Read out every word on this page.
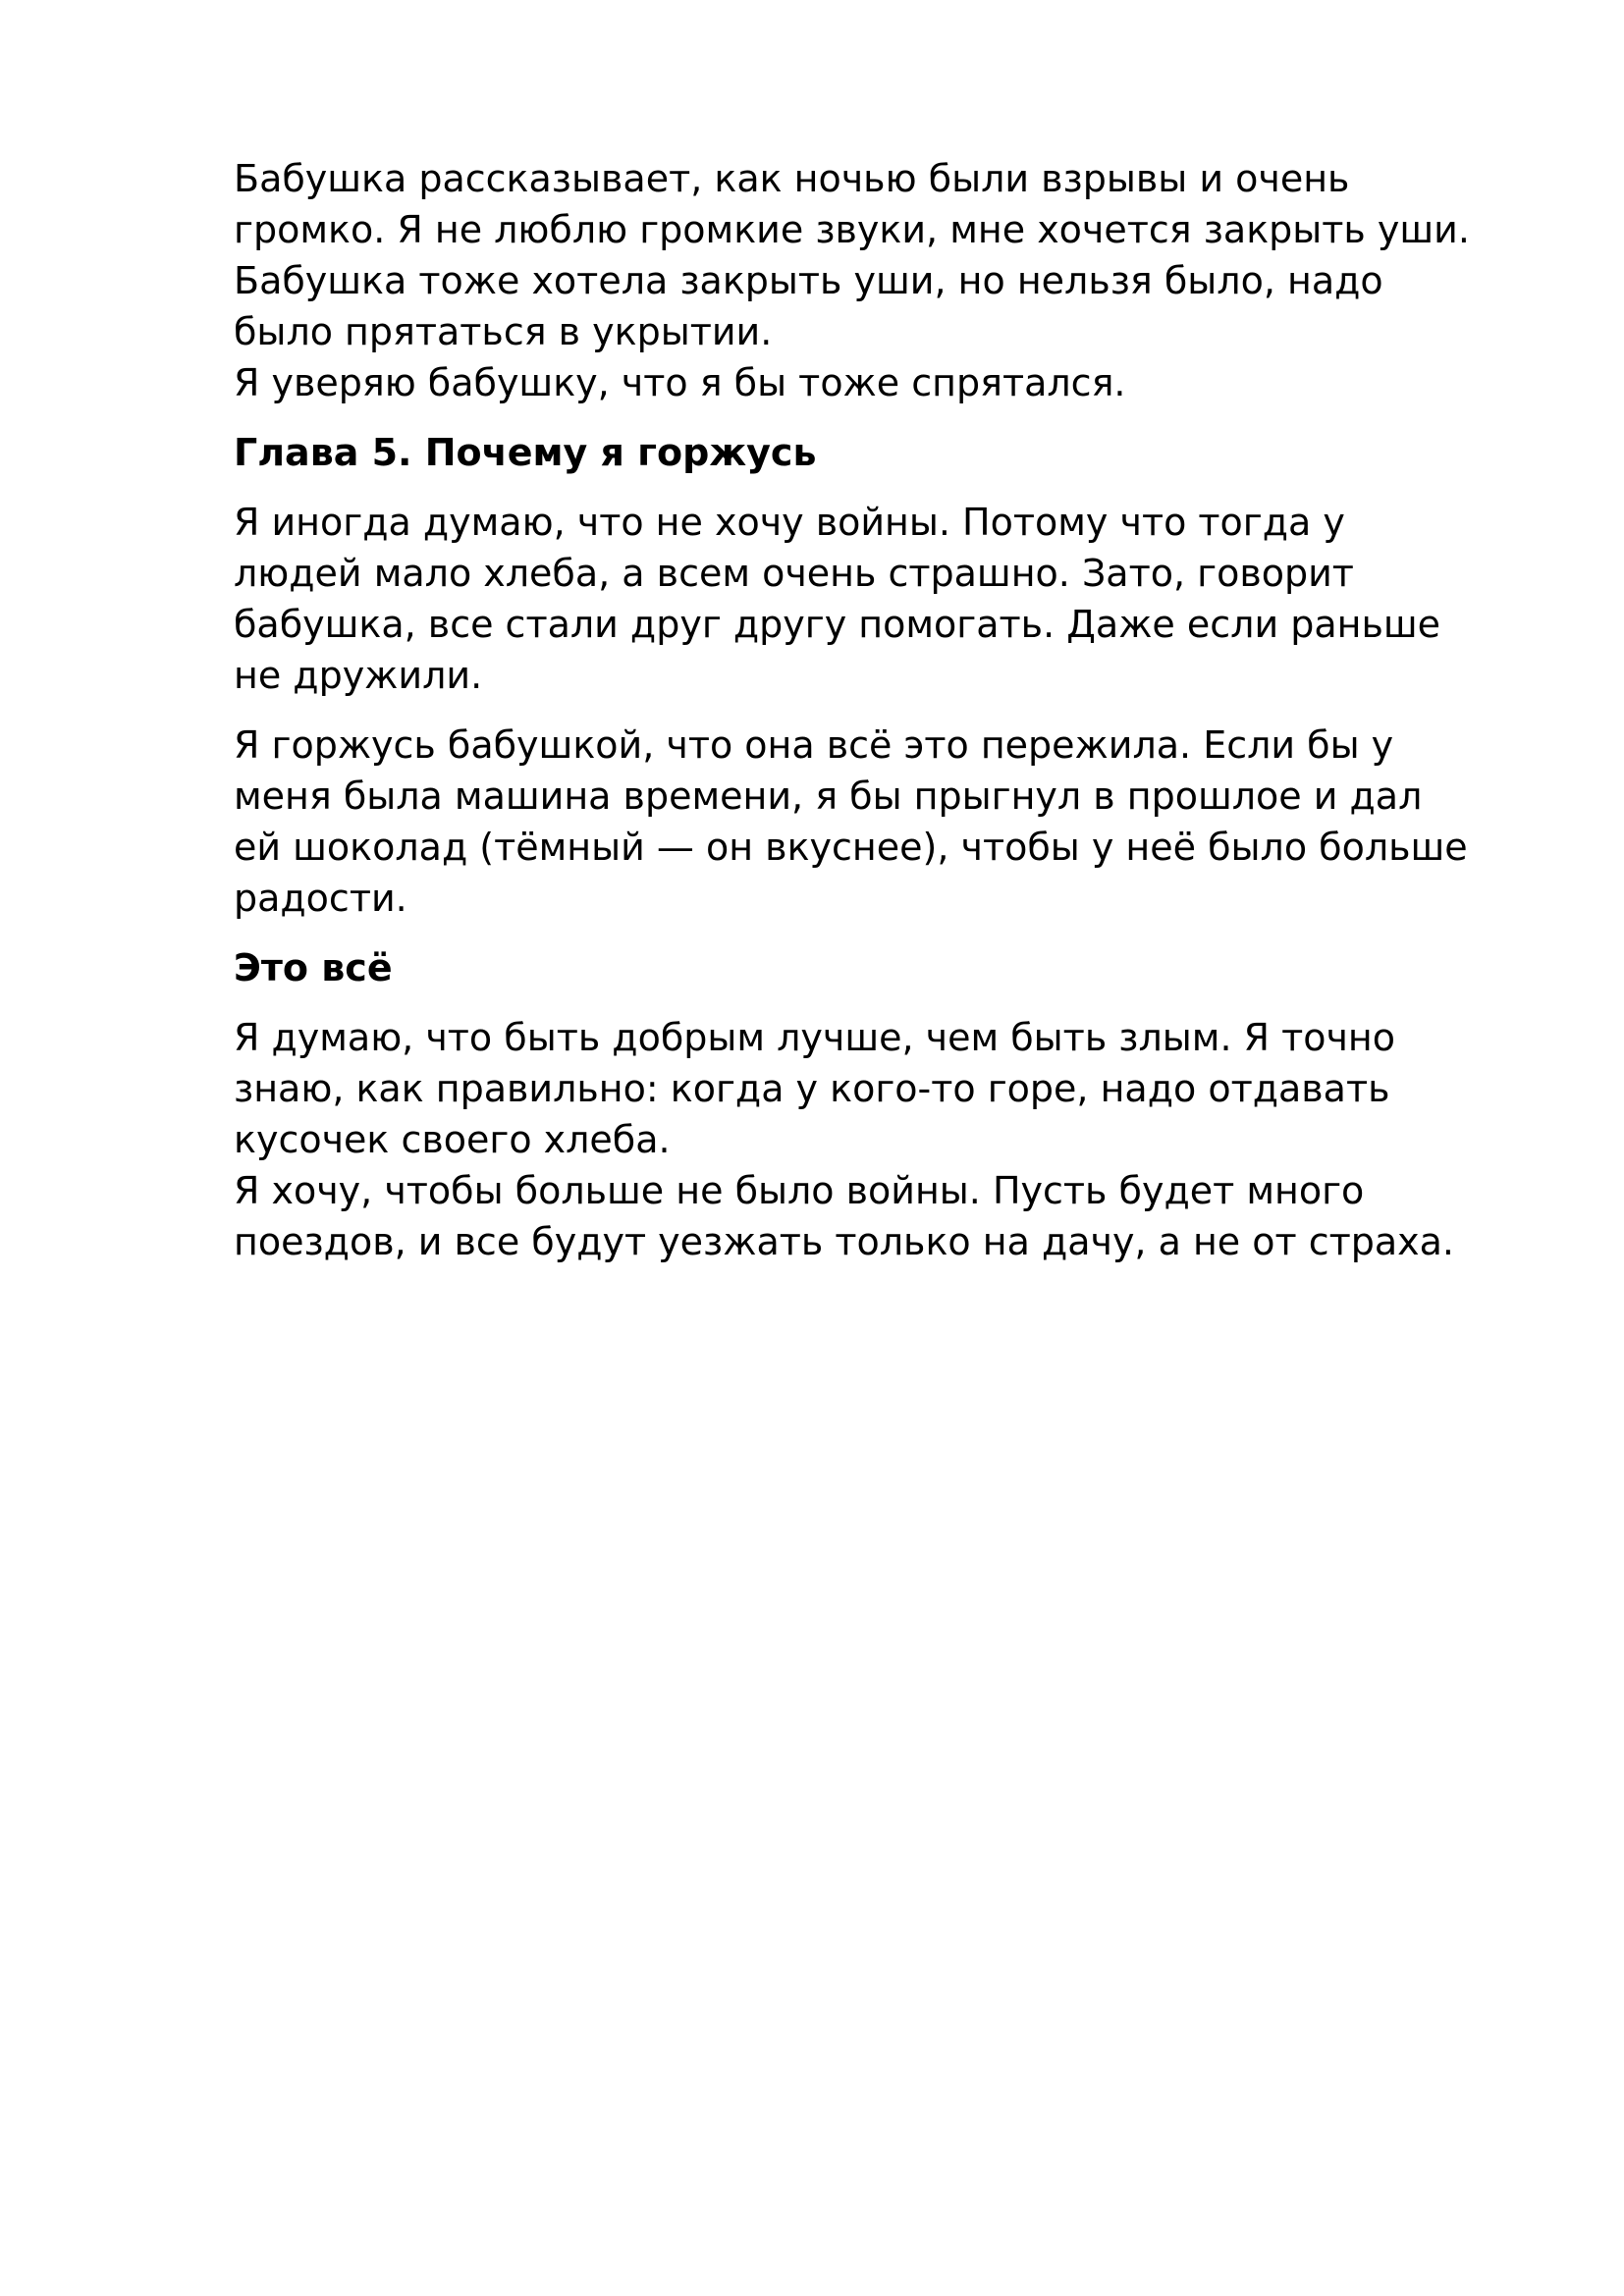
Бабушка рассказывает, как ночью были взрывы и очень
громко. Я не люблю громкие звуки, мне хочется закрыть уши.
Бабушка тоже хотела закрыть уши, но нельзя было, надо
было прятаться в укрытии.
Я уверяю бабушку, что я бы тоже спрятался.

Глава 5. Почему я горжусь

Я иногда думаю, что не хочу войны. Потому что тогда у
людей мало хлеба, а всем очень страшно. Зато, говорит
бабушка, все стали друг другу помогать. Даже если раньше
не дружили.

Я горжусь бабушкой, что она всё это пережила. Если бы у
меня была машина времени, я бы прыгнул в прошлое и дал
ей шоколад (тёмный — он вкуснее), чтобы у неё было больше
радости.

Это всё

Я думаю, что быть добрым лучше, чем быть злым. Я точно
знаю, как правильно: когда у кого-то горе, надо отдавать
кусочек своего хлеба.
Я хочу, чтобы больше не было войны. Пусть будет много
поездов, и все будут уезжать только на дачу, а не от страха.
